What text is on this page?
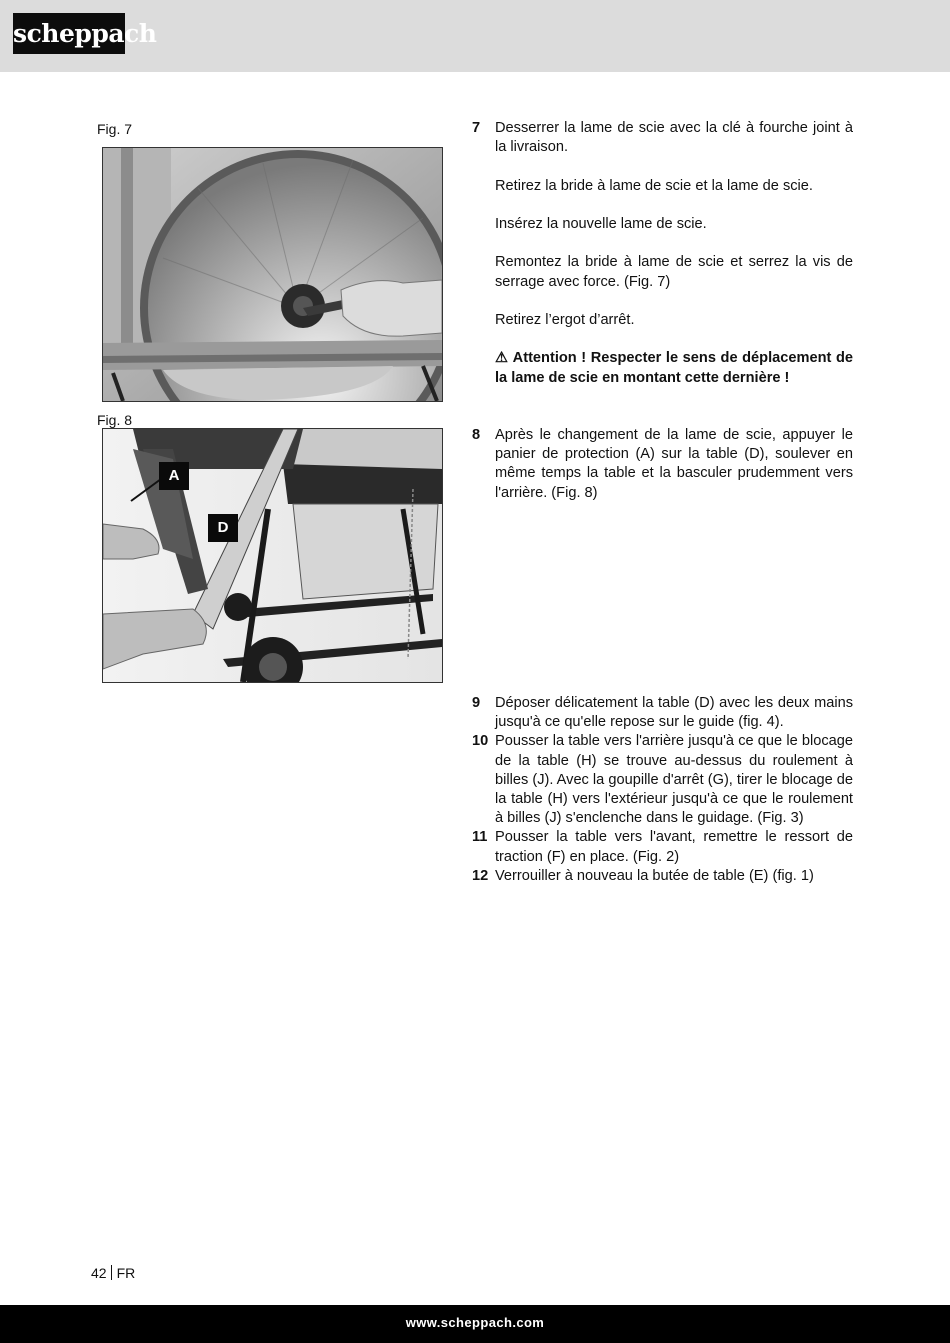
scheppach
Fig. 7
Fig. 8
A
D
7 Desserrer la lame de scie avec la clé à fourche joint à la livraison.

Retirez la bride à lame de scie et la lame de scie.

Insérez la nouvelle lame de scie.

Remontez la bride à lame de scie et serrez la vis de serrage avec force. (Fig. 7)

Retirez l’ergot d’arrêt.

⚠ Attention ! Respecter le sens de déplacement de la lame de scie en montant cette dernière !

8 Après le changement de la lame de scie, appuyer le panier de protection (A) sur la table (D), soulever en même temps la table et la basculer prudemment vers l'arrière. (Fig. 8)

9 Déposer délicatement la table (D) avec les deux mains jusqu'à ce qu'elle repose sur le guide (fig. 4).

10 Pousser la table vers l'arrière jusqu'à ce que le blocage de la table (H) se trouve au-dessus du roulement à billes (J). Avec la goupille d'arrêt (G), tirer le blocage de la table (H) vers l'extérieur jusqu'à ce que le roulement à billes (J) s'enclenche dans le guidage. (Fig. 3)

11 Pousser la table vers l'avant, remettre le ressort de traction (F) en place. (Fig. 2)

12 Verrouiller à nouveau la butée de table (E) (fig. 1)

42 FR
www.scheppach.com
